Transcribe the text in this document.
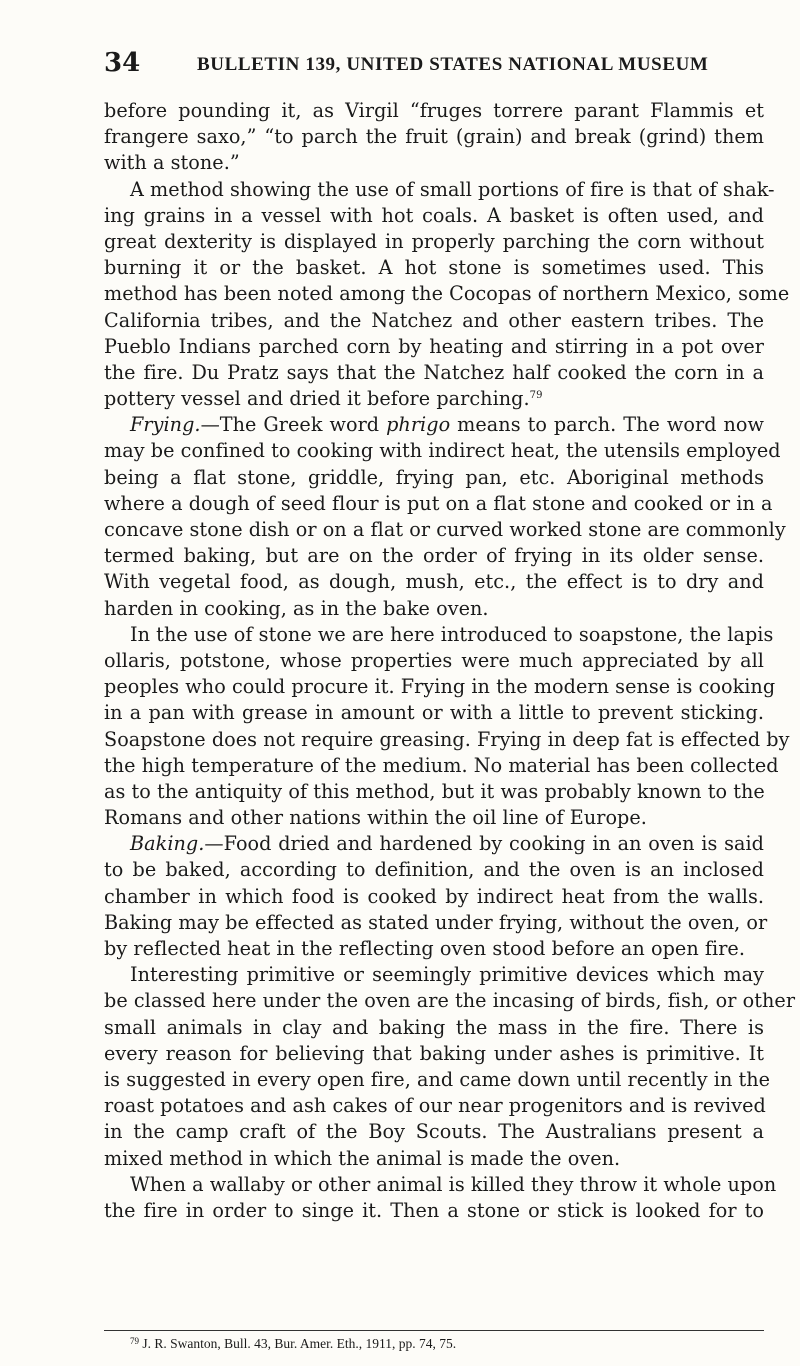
34	BULLETIN 139, UNITED STATES NATIONAL MUSEUM
before pounding it, as Virgil “fruges torrere parant Flammis et
frangere saxo,” “to parch the fruit (grain) and break (grind) them
with a stone.”
A method showing the use of small portions of fire is that of shak-
ing grains in a vessel with hot coals. A basket is often used, and
great dexterity is displayed in properly parching the corn without
burning it or the basket. A hot stone is sometimes used. This
method has been noted among the Cocopas of northern Mexico, some
California tribes, and the Natchez and other eastern tribes. The
Pueblo Indians parched corn by heating and stirring in a pot over
the fire. Du Pratz says that the Natchez half cooked the corn in a
pottery vessel and dried it before parching.$^{79}$
Frying.—The Greek word phrigo means to parch. The word now
may be confined to cooking with indirect heat, the utensils employed
being a flat stone, griddle, frying pan, etc. Aboriginal methods
where a dough of seed flour is put on a flat stone and cooked or in a
concave stone dish or on a flat or curved worked stone are commonly
termed baking, but are on the order of frying in its older sense.
With vegetal food, as dough, mush, etc., the effect is to dry and
harden in cooking, as in the bake oven.
In the use of stone we are here introduced to soapstone, the lapis
ollaris, potstone, whose properties were much appreciated by all
peoples who could procure it. Frying in the modern sense is cooking
in a pan with grease in amount or with a little to prevent sticking.
Soapstone does not require greasing. Frying in deep fat is effected by
the high temperature of the medium. No material has been collected
as to the antiquity of this method, but it was probably known to the
Romans and other nations within the oil line of Europe.
Baking.—Food dried and hardened by cooking in an oven is said
to be baked, according to definition, and the oven is an inclosed
chamber in which food is cooked by indirect heat from the walls.
Baking may be effected as stated under frying, without the oven, or
by reflected heat in the reflecting oven stood before an open fire.
Interesting primitive or seemingly primitive devices which may
be classed here under the oven are the incasing of birds, fish, or other
small animals in clay and baking the mass in the fire. There is
every reason for believing that baking under ashes is primitive. It
is suggested in every open fire, and came down until recently in the
roast potatoes and ash cakes of our near progenitors and is revived
in the camp craft of the Boy Scouts. The Australians present a
mixed method in which the animal is made the oven.
When a wallaby or other animal is killed they throw it whole upon
the fire in order to singe it. Then a stone or stick is looked for to
$^{79}$ J. R. Swanton, Bull. 43, Bur. Amer. Eth., 1911, pp. 74, 75.
